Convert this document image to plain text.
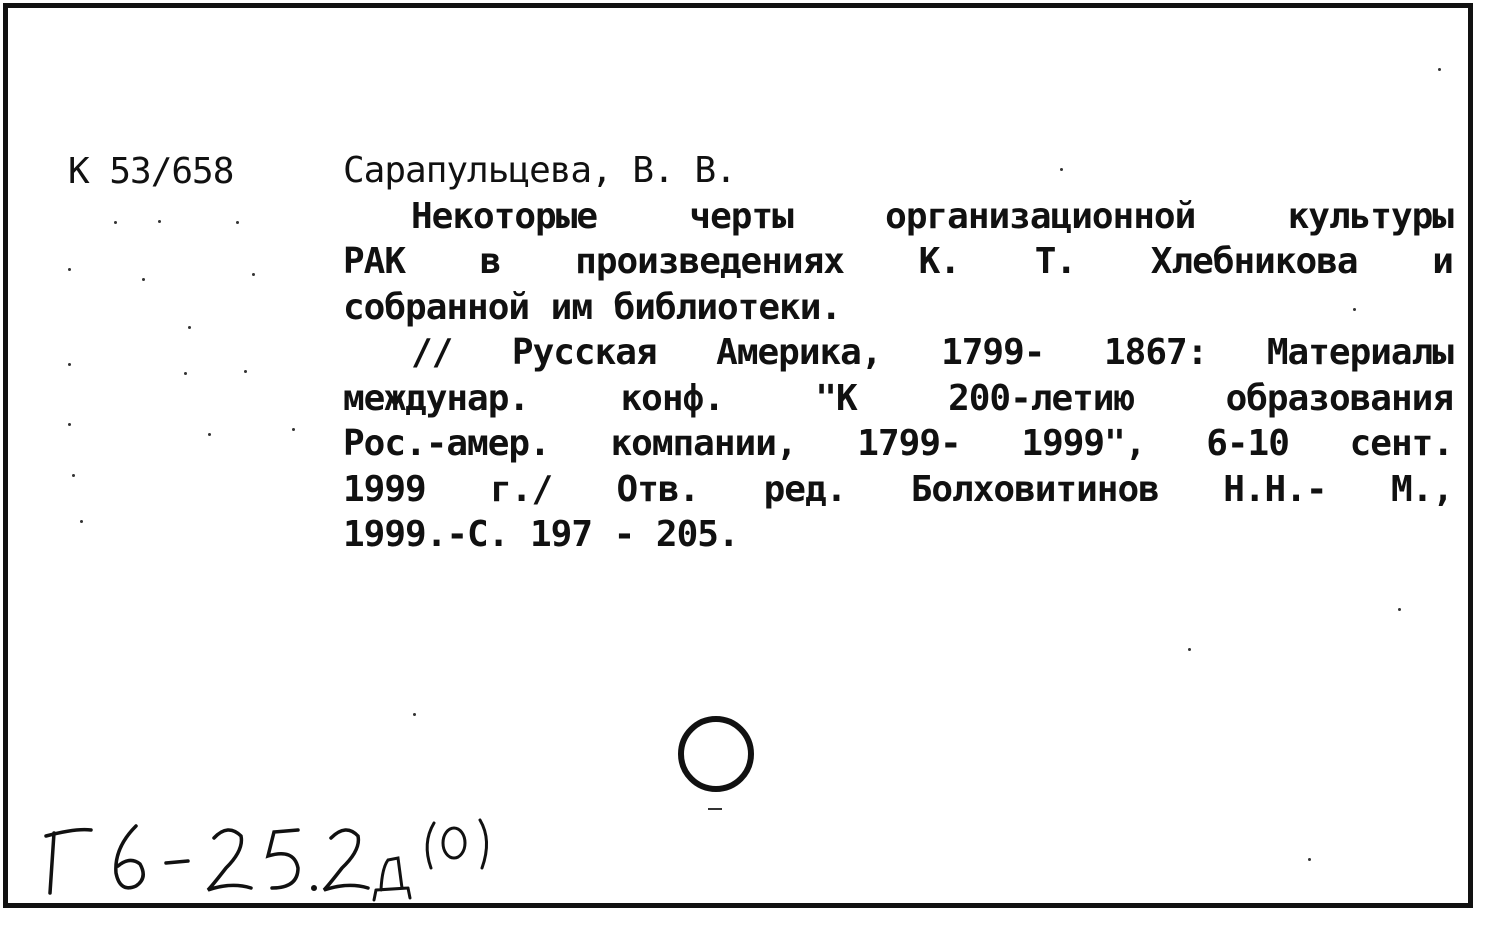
К 53/658	Сарапульцева, В. В.
Некоторые	черты	организационной	культуры
РАК в произведениях К. Т. Хлебникова и
собранной им библиотеки.
// Русская Америка, 1799- 1867: Материалы
междунар.	конф.	"К	200-летию	образования
Рос.-амер. компании, 1799- 1999", 6-10 сент.
1999 г./ Отв. ред. Болховитинов Н.Н.- М.,
1999.-С. 197 - 205.
